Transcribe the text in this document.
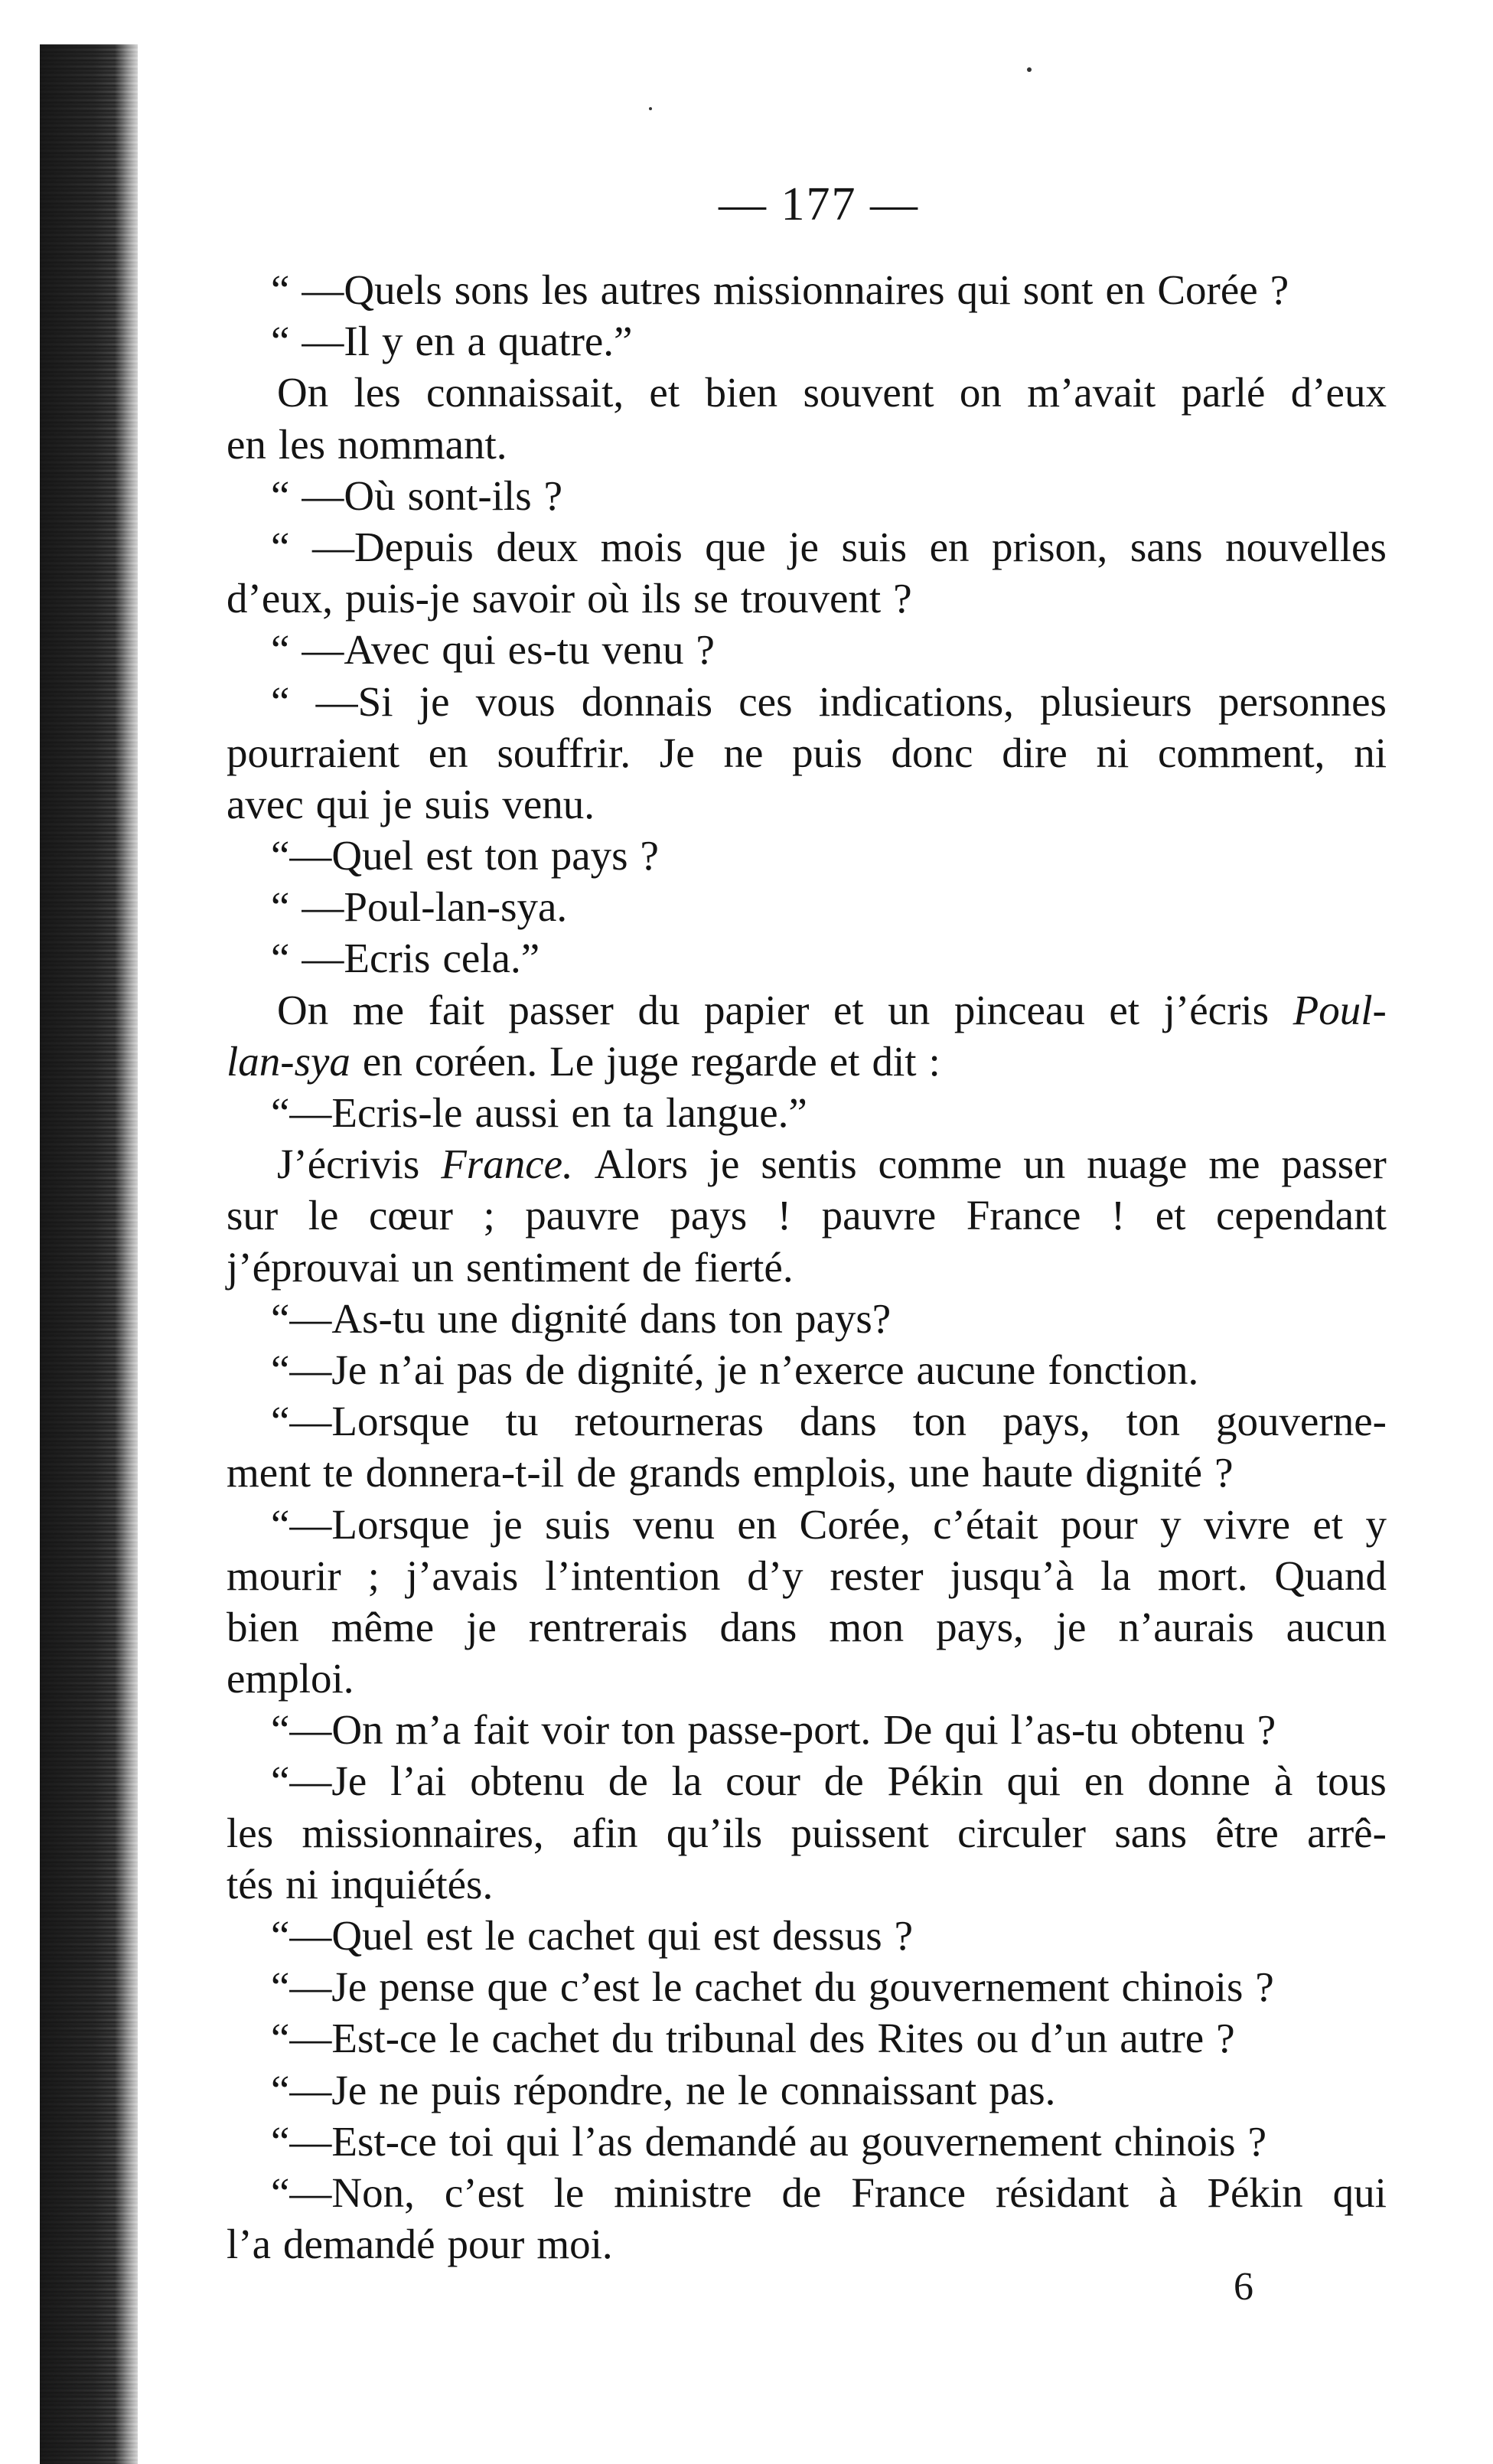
— 177 —
“ —Quels sons les autres missionnaires qui sont en Corée ?
“ —Il y en a quatre.”
On les connaissait, et bien souvent on m’avait parlé d’eux
en les nommant.
“ —Où sont-ils ?
“ —Depuis deux mois que je suis en prison, sans nouvelles
d’eux, puis-je savoir où ils se trouvent ?
“ —Avec qui es-tu venu ?
“ —Si je vous donnais ces indications, plusieurs personnes
pourraient en souffrir. Je ne puis donc dire ni comment, ni
avec qui je suis venu.
“—Quel est ton pays ?
“ —Poul-lan-sya.
“ —Ecris cela.”
On me fait passer du papier et un pinceau et j’écris Poul-
lan-sya en coréen. Le juge regarde et dit :
“—Ecris-le aussi en ta langue.”
J’écrivis France. Alors je sentis comme un nuage me passer
sur le cœur ; pauvre pays ! pauvre France ! et cependant
j’éprouvai un sentiment de fierté.
“—As-tu une dignité dans ton pays?
“—Je n’ai pas de dignité, je n’exerce aucune fonction.
“—Lorsque tu retourneras dans ton pays, ton gouverne-
ment te donnera-t-il de grands emplois, une haute dignité ?
“—Lorsque je suis venu en Corée, c’était pour y vivre et y
mourir ; j’avais l’intention d’y rester jusqu’à la mort. Quand
bien même je rentrerais dans mon pays, je n’aurais aucun
emploi.
“—On m’a fait voir ton passe-port. De qui l’as-tu obtenu ?
“—Je l’ai obtenu de la cour de Pékin qui en donne à tous
les missionnaires, afin qu’ils puissent circuler sans être arrê-
tés ni inquiétés.
“—Quel est le cachet qui est dessus ?
“—Je pense que c’est le cachet du gouvernement chinois ?
“—Est-ce le cachet du tribunal des Rites ou d’un autre ?
“—Je ne puis répondre, ne le connaissant pas.
“—Est-ce toi qui l’as demandé au gouvernement chinois ?
“—Non, c’est le ministre de France résidant à Pékin qui
l’a demandé pour moi.
6
